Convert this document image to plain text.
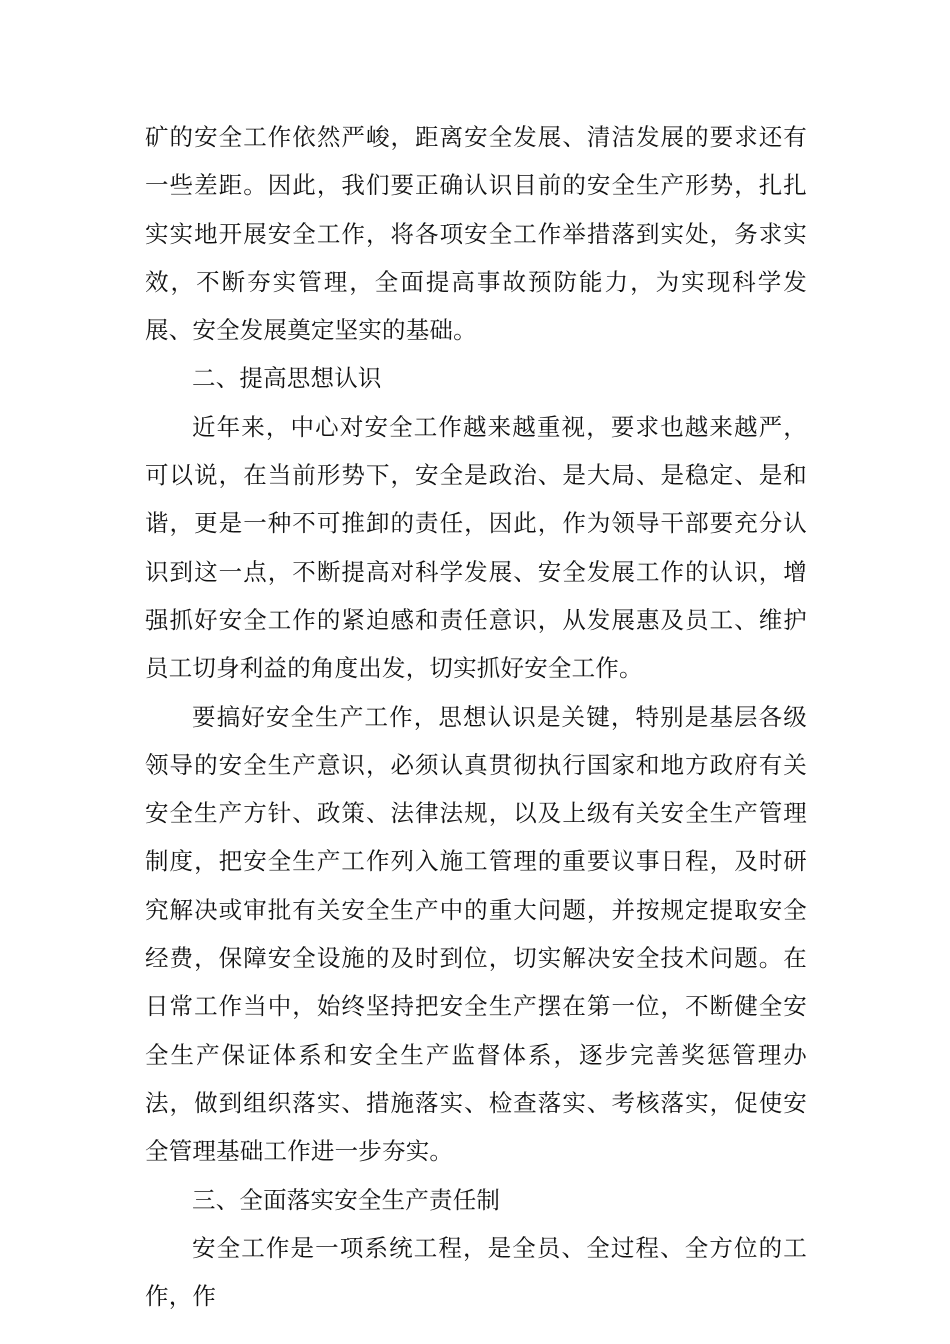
矿的安全工作依然严峻，距离安全发展、清洁发展的要求还有一些差距。因此，我们要正确认识目前的安全生产形势，扎扎实实地开展安全工作，将各项安全工作举措落到实处，务求实效，不断夯实管理，全面提高事故预防能力，为实现科学发展、安全发展奠定坚实的基础。

二、提高思想认识

近年来，中心对安全工作越来越重视，要求也越来越严，可以说，在当前形势下，安全是政治、是大局、是稳定、是和谐，更是一种不可推卸的责任，因此，作为领导干部要充分认识到这一点，不断提高对科学发展、安全发展工作的认识，增强抓好安全工作的紧迫感和责任意识，从发展惠及员工、维护员工切身利益的角度出发，切实抓好安全工作。

要搞好安全生产工作，思想认识是关键，特别是基层各级领导的安全生产意识，必须认真贯彻执行国家和地方政府有关安全生产方针、政策、法律法规，以及上级有关安全生产管理制度，把安全生产工作列入施工管理的重要议事日程，及时研究解决或审批有关安全生产中的重大问题，并按规定提取安全经费，保障安全设施的及时到位，切实解决安全技术问题。在日常工作当中，始终坚持把安全生产摆在第一位，不断健全安全生产保证体系和安全生产监督体系，逐步完善奖惩管理办法，做到组织落实、措施落实、检查落实、考核落实，促使安全管理基础工作进一步夯实。

三、全面落实安全生产责任制

安全工作是一项系统工程，是全员、全过程、全方位的工作，作
